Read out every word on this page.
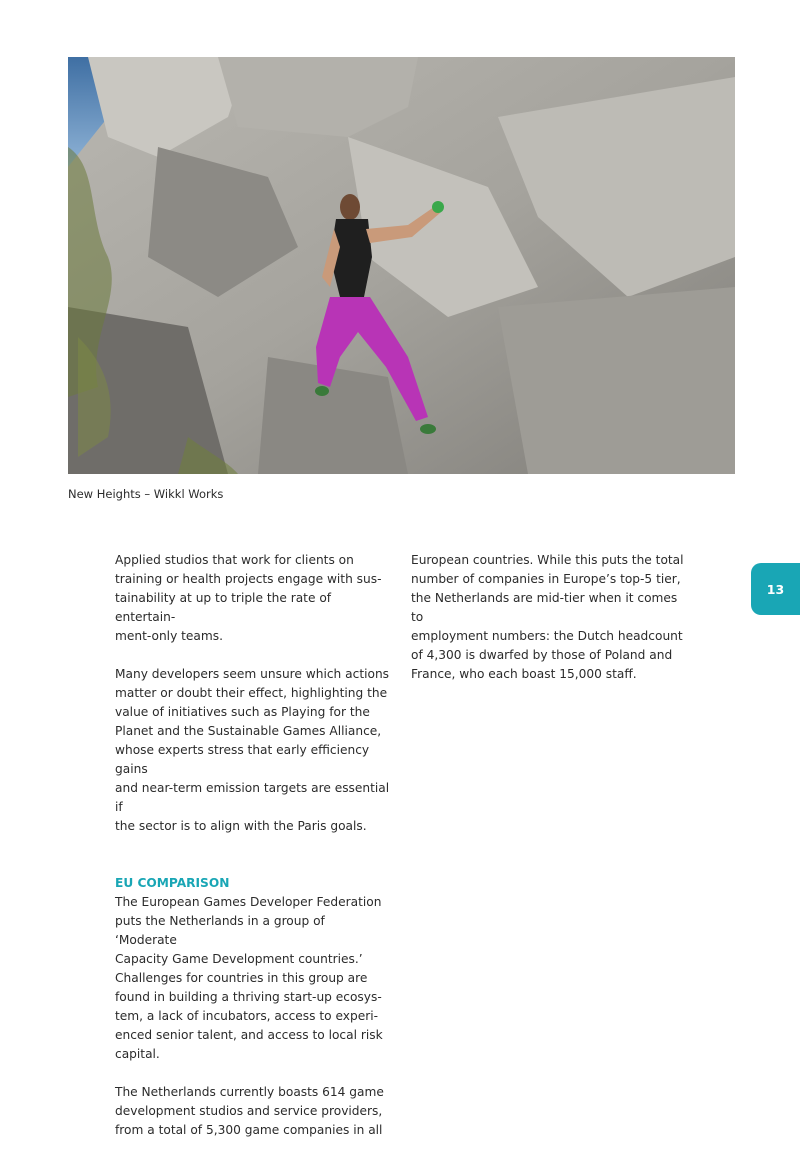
New Heights – Wikkl Works

Applied studios that work for clients on
training or health projects engage with sus-
tainability at up to triple the rate of entertain-
ment-only teams.

Many developers seem unsure which actions
matter or doubt their effect, highlighting the
value of initiatives such as Playing for the
Planet and the Sustainable Games Alliance,
whose experts stress that early efficiency gains
and near-term emission targets are essential if
the sector is to align with the Paris goals.

EU COMPARISON

The European Games Developer Federation
puts the Netherlands in a group of ‘Moderate
Capacity Game Development countries.’
Challenges for countries in this group are
found in building a thriving start-up ecosys-
tem, a lack of incubators, access to experi-
enced senior talent, and access to local risk
capital.

The Netherlands currently boasts 614 game
development studios and service providers,
from a total of 5,300 game companies in all

European countries. While this puts the total
number of companies in Europe’s top-5 tier,
the Netherlands are mid-tier when it comes to
employment numbers: the Dutch headcount
of 4,300 is dwarfed by those of Poland and
France, who each boast 15,000 staff.

13
